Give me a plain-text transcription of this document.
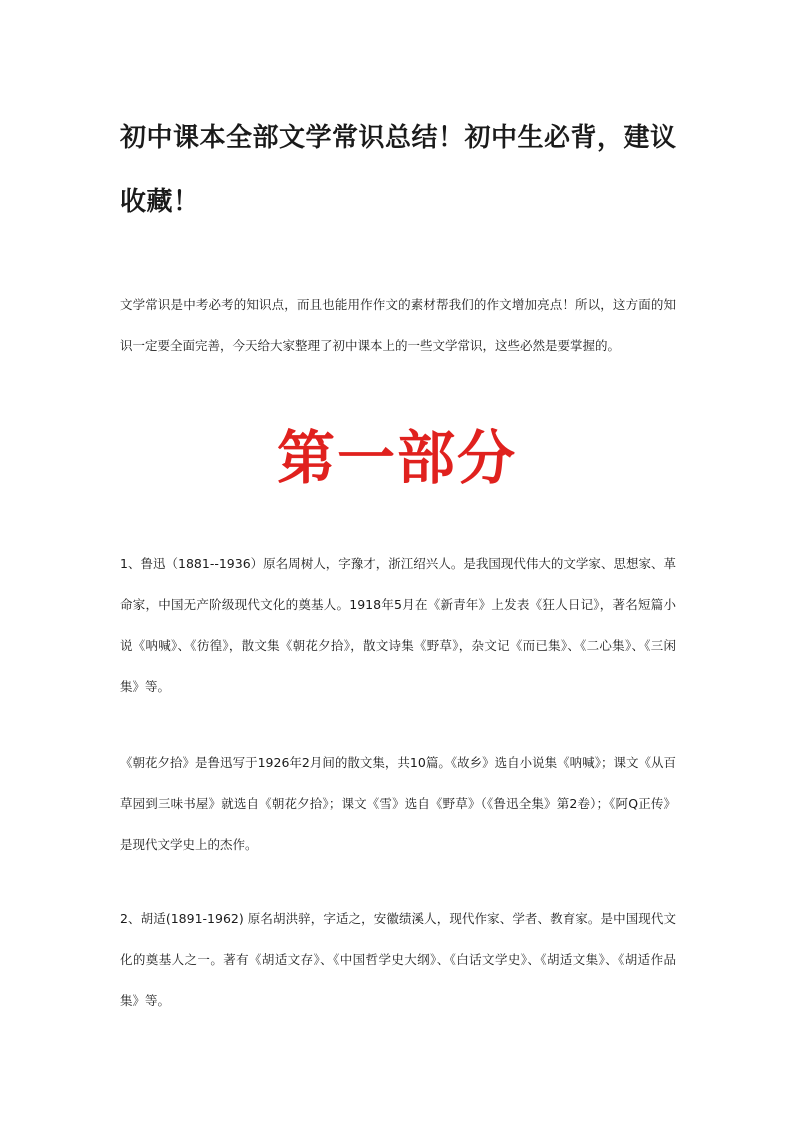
初中课本全部文学常识总结！初中生必背，建议收藏！

文学常识是中考必考的知识点，而且也能用作作文的素材帮我们的作文增加亮点！所以，这方面的知识一定要全面完善，今天给大家整理了初中课本上的一些文学常识，这些必然是要掌握的。

第一部分

1、鲁迅（1881--1936）原名周树人，字豫才，浙江绍兴人。是我国现代伟大的文学家、思想家、革命家，中国无产阶级现代文化的奠基人。1918年5月在《新青年》上发表《狂人日记》，著名短篇小说《呐喊》、《彷徨》，散文集《朝花夕拾》，散文诗集《野草》，杂文记《而已集》、《二心集》、《三闲集》等。

《朝花夕拾》是鲁迅写于1926年2月间的散文集，共10篇。《故乡》选自小说集《呐喊》；课文《从百草园到三味书屋》就选自《朝花夕拾》；课文《雪》选自《野草》（《鲁迅全集》第2卷）；《阿Q正传》是现代文学史上的杰作。

2、胡适(1891-1962) 原名胡洪骍，字适之，安徽绩溪人，现代作家、学者、教育家。是中国现代文化的奠基人之一。著有《胡适文存》、《中国哲学史大纲》、《白话文学史》、《胡适文集》、《胡适作品集》等。
